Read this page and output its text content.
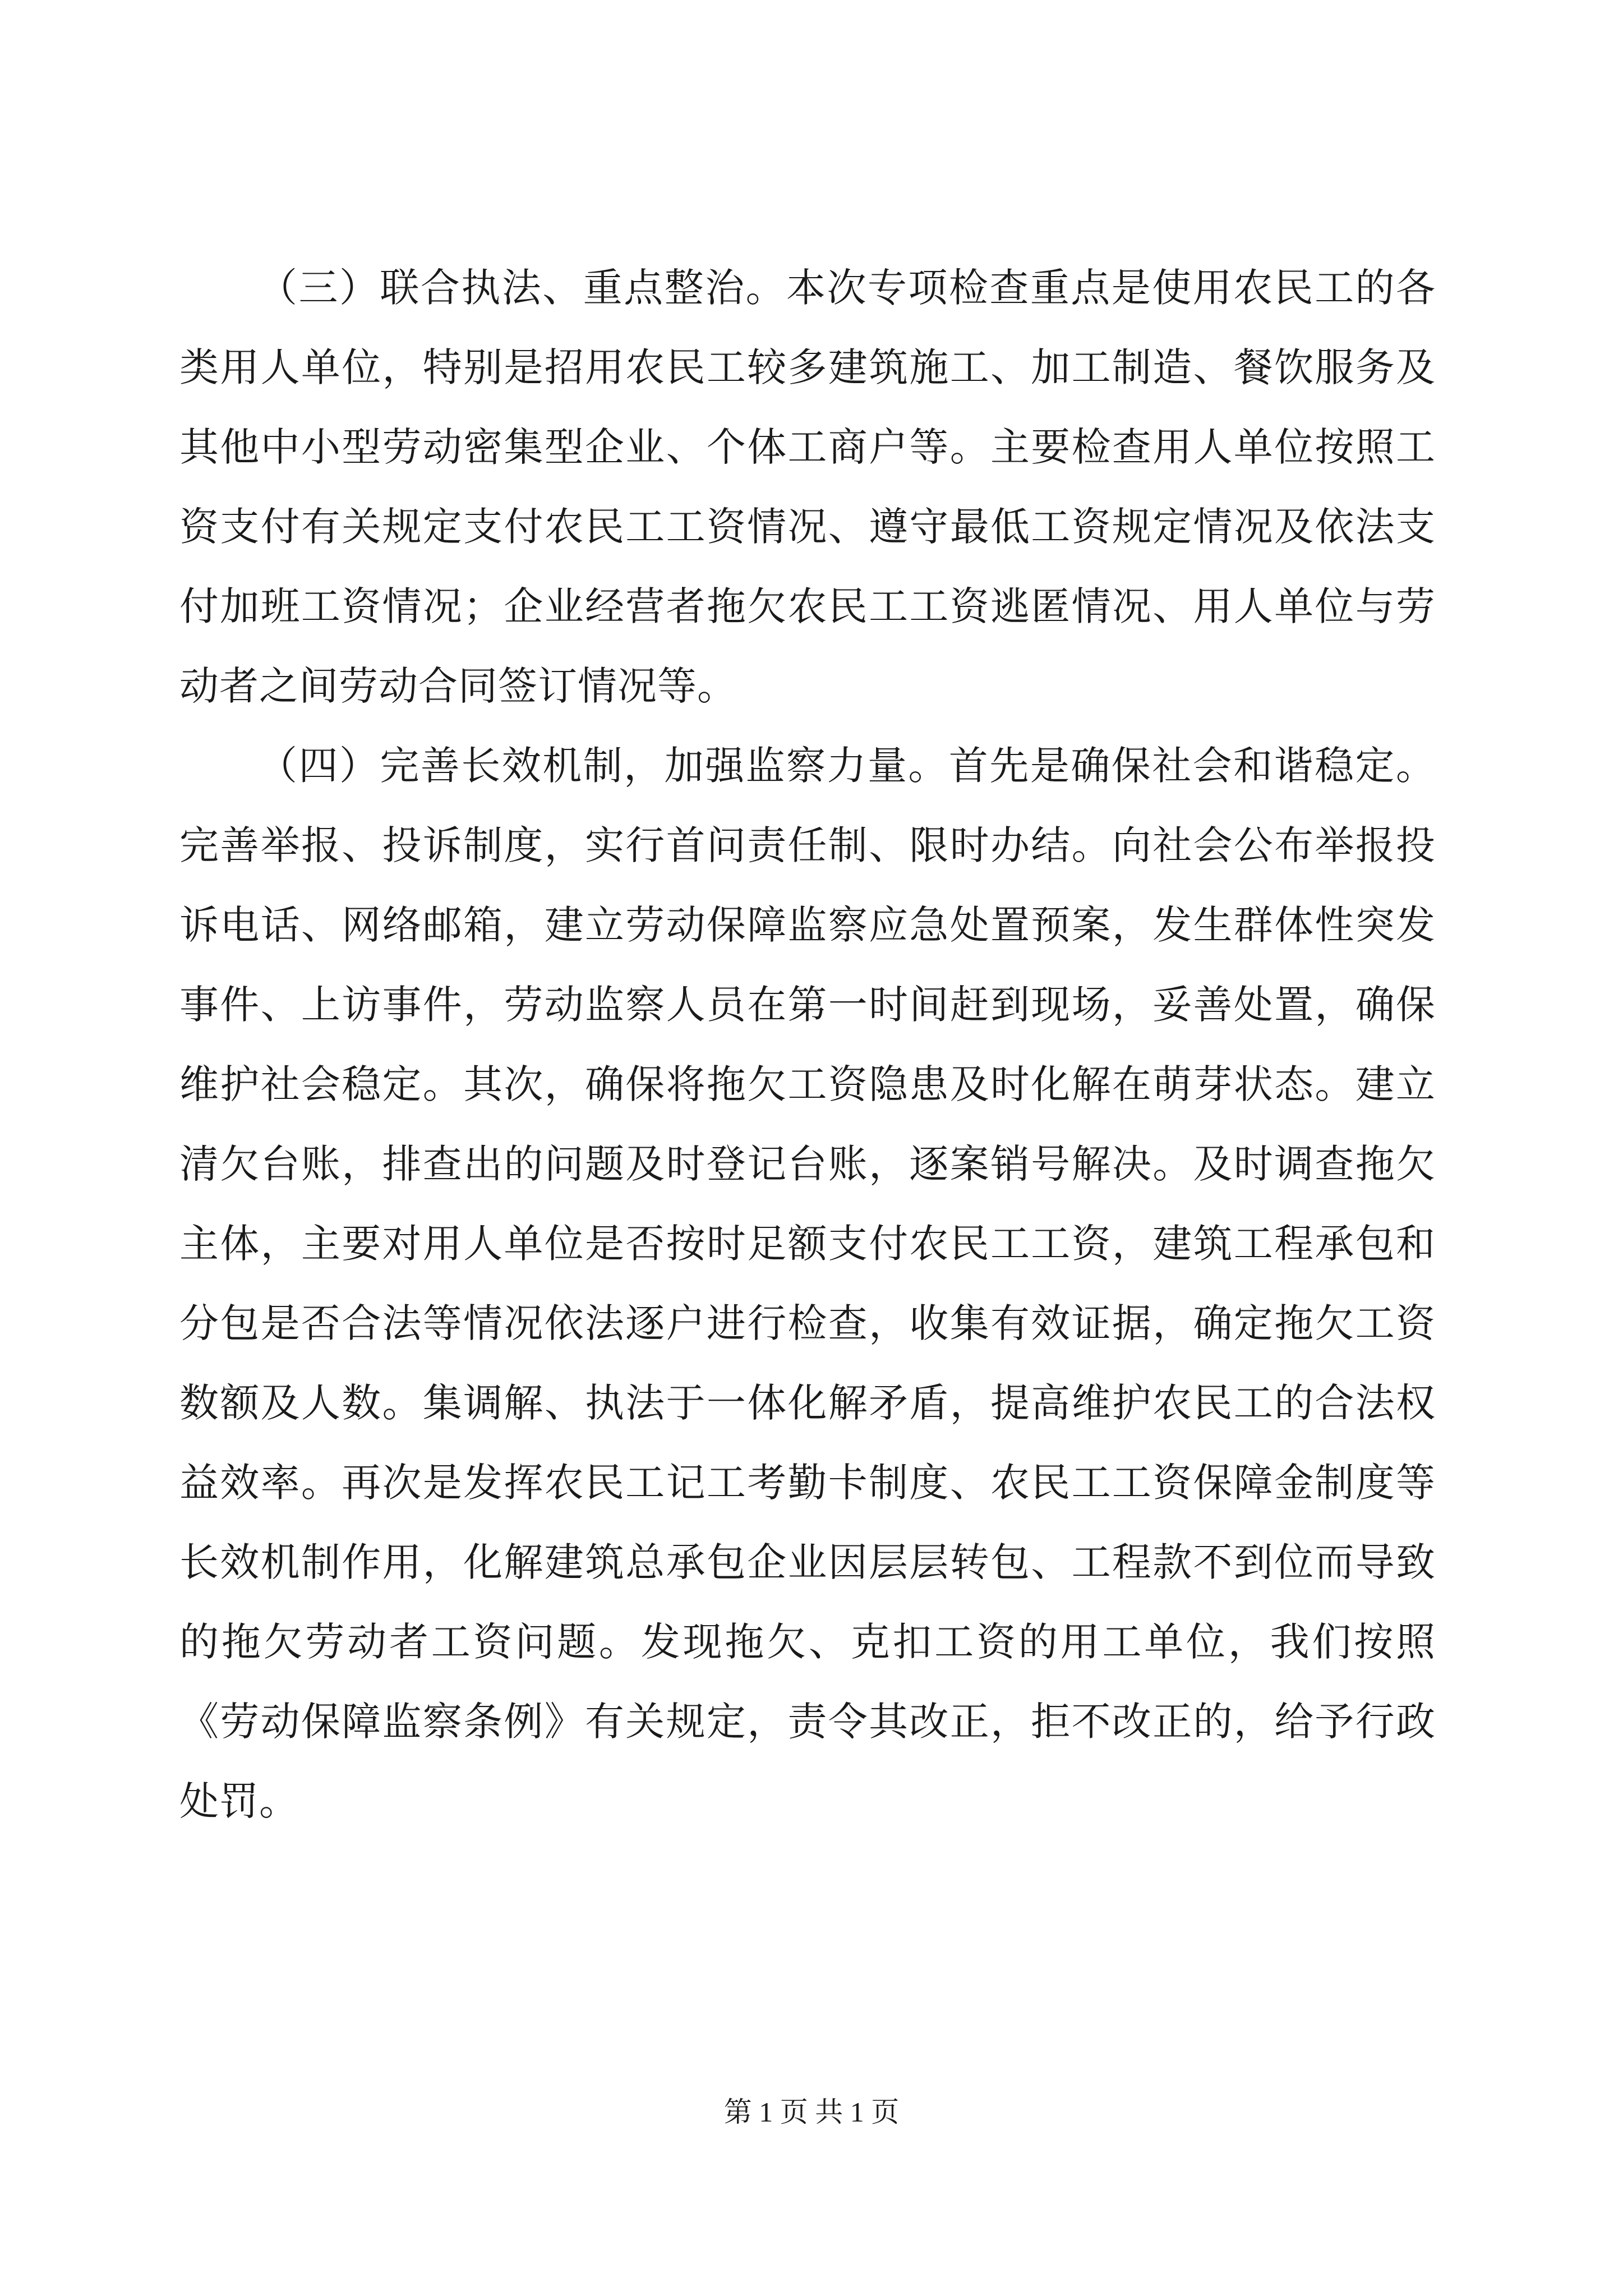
（三）联合执法、重点整治。本次专项检查重点是使用农民工的各类用人单位，特别是招用农民工较多建筑施工、加工制造、餐饮服务及其他中小型劳动密集型企业、个体工商户等。主要检查用人单位按照工资支付有关规定支付农民工工资情况、遵守最低工资规定情况及依法支付加班工资情况；企业经营者拖欠农民工工资逃匿情况、用人单位与劳动者之间劳动合同签订情况等。

（四）完善长效机制，加强监察力量。首先是确保社会和谐稳定。完善举报、投诉制度，实行首问责任制、限时办结。向社会公布举报投诉电话、网络邮箱，建立劳动保障监察应急处置预案，发生群体性突发事件、上访事件，劳动监察人员在第一时间赶到现场，妥善处置，确保维护社会稳定。其次，确保将拖欠工资隐患及时化解在萌芽状态。建立清欠台账，排查出的问题及时登记台账，逐案销号解决。及时调查拖欠主体，主要对用人单位是否按时足额支付农民工工资，建筑工程承包和分包是否合法等情况依法逐户进行检查，收集有效证据，确定拖欠工资数额及人数。集调解、执法于一体化解矛盾，提高维护农民工的合法权益效率。再次是发挥农民工记工考勤卡制度、农民工工资保障金制度等长效机制作用，化解建筑总承包企业因层层转包、工程款不到位而导致的拖欠劳动者工资问题。发现拖欠、克扣工资的用工单位，我们按照《劳动保障监察条例》有关规定，责令其改正，拒不改正的，给予行政处罚。

第 1 页 共 1 页
